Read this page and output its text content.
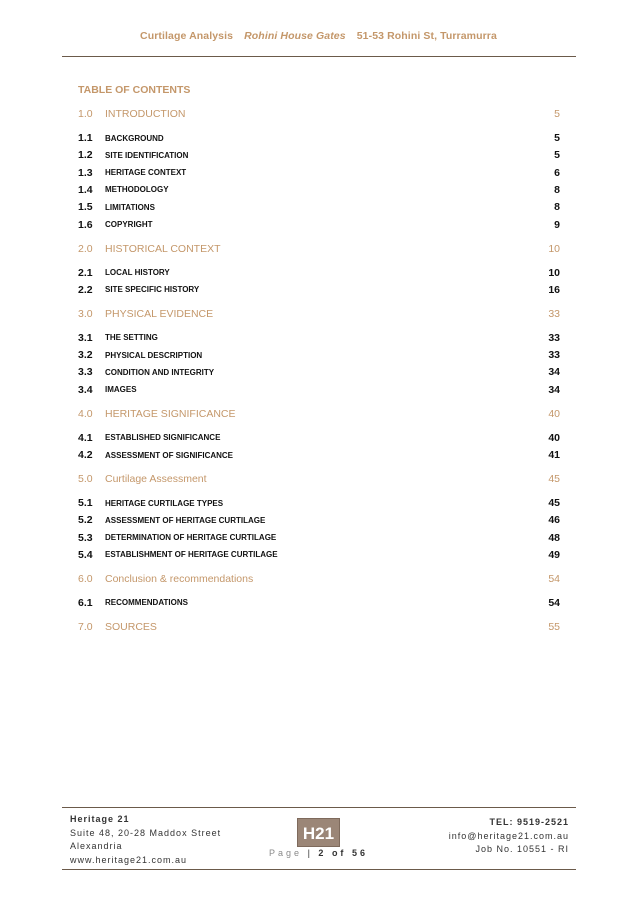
Curtilage Analysis Rohini House Gates 51-53 Rohini St, Turramurra
TABLE OF CONTENTS
1.0	INTRODUCTION	5
1.1	BACKGROUND	5
1.2	SITE IDENTIFICATION	5
1.3	HERITAGE CONTEXT	6
1.4	METHODOLOGY	8
1.5	LIMITATIONS	8
1.6	COPYRIGHT	9
2.0	HISTORICAL CONTEXT	10
2.1	LOCAL HISTORY	10
2.2	SITE SPECIFIC HISTORY	16
3.0	PHYSICAL EVIDENCE	33
3.1	THE SETTING	33
3.2	PHYSICAL DESCRIPTION	33
3.3	CONDITION AND INTEGRITY	34
3.4	IMAGES	34
4.0	HERITAGE SIGNIFICANCE	40
4.1	ESTABLISHED SIGNIFICANCE	40
4.2	ASSESSMENT OF SIGNIFICANCE	41
5.0	Curtilage Assessment	45
5.1	HERITAGE CURTILAGE TYPES	45
5.2	ASSESSMENT OF HERITAGE CURTILAGE	46
5.3	DETERMINATION OF HERITAGE CURTILAGE	48
5.4	ESTABLISHMENT OF HERITAGE CURTILAGE	49
6.0	Conclusion & recommendations	54
6.1	RECOMMENDATIONS	54
7.0	SOURCES	55
Heritage 21
Suite 48, 20-28 Maddox Street
Alexandria
www.heritage21.com.au
H21
Page | 2 of 56
TEL: 9519-2521
info@heritage21.com.au
Job No. 10551 - RI
